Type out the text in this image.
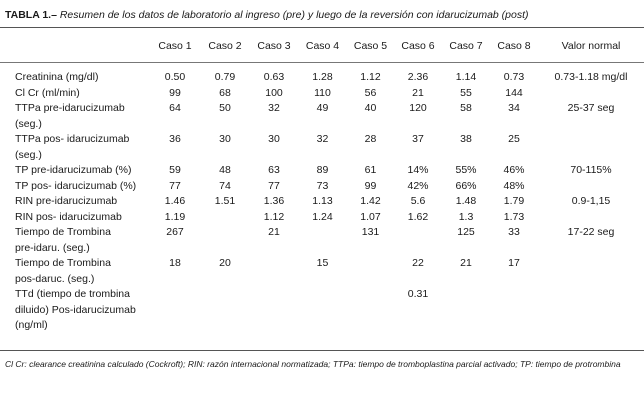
TABLA 1.– Resumen de los datos de laboratorio al ingreso (pre) y luego de la reversión con idarucizumab (post)
	Caso 1	Caso 2	Caso 3	Caso 4	Caso 5	Caso 6	Caso 7	Caso 8	Valor normal

Creatinina (mg/dl)	0.50	0.79	0.63	1.28	1.12	2.36	1.14	0.73	0.73-1.18 mg/dl

Cl Cr (ml/min)	99	68	100	110	56	21	55	144	

TTPa pre-idarucizumab
(seg.)	64	50	32	49	40	120	58	34	25-37 seg

TTPa pos- idarucizumab
(seg.)	36	30	30	32	28	37	38	25	

TP pre-idarucizumab (%)	59	48	63	89	61	14%	55%	46%	70-115%

TP pos- idarucizumab (%)	77	74	77	73	99	42%	66%	48%	

RIN pre-idarucizumab	1.46	1.51	1.36	1.13	1.42	5.6	1.48	1.79	0.9-1,15

RIN pos- idarucizumab	1.19		1.12	1.24	1.07	1.62	1.3	1.73	

Tiempo de Trombina
pre-idaru. (seg.)	267		21		131		125	33	17-22 seg

Tiempo de Trombina
pos-daruc. (seg.)	18	20		15		22	21	17	

TTd (tiempo de trombina
diluido) Pos-idarucizumab
(ng/ml)						0.31			
Cl Cr: clearance creatinina calculado (Cockroft); RIN: razón internacional normatizada; TTPa: tiempo de tromboplastina parcial activado; TP: tiempo de protrombina
